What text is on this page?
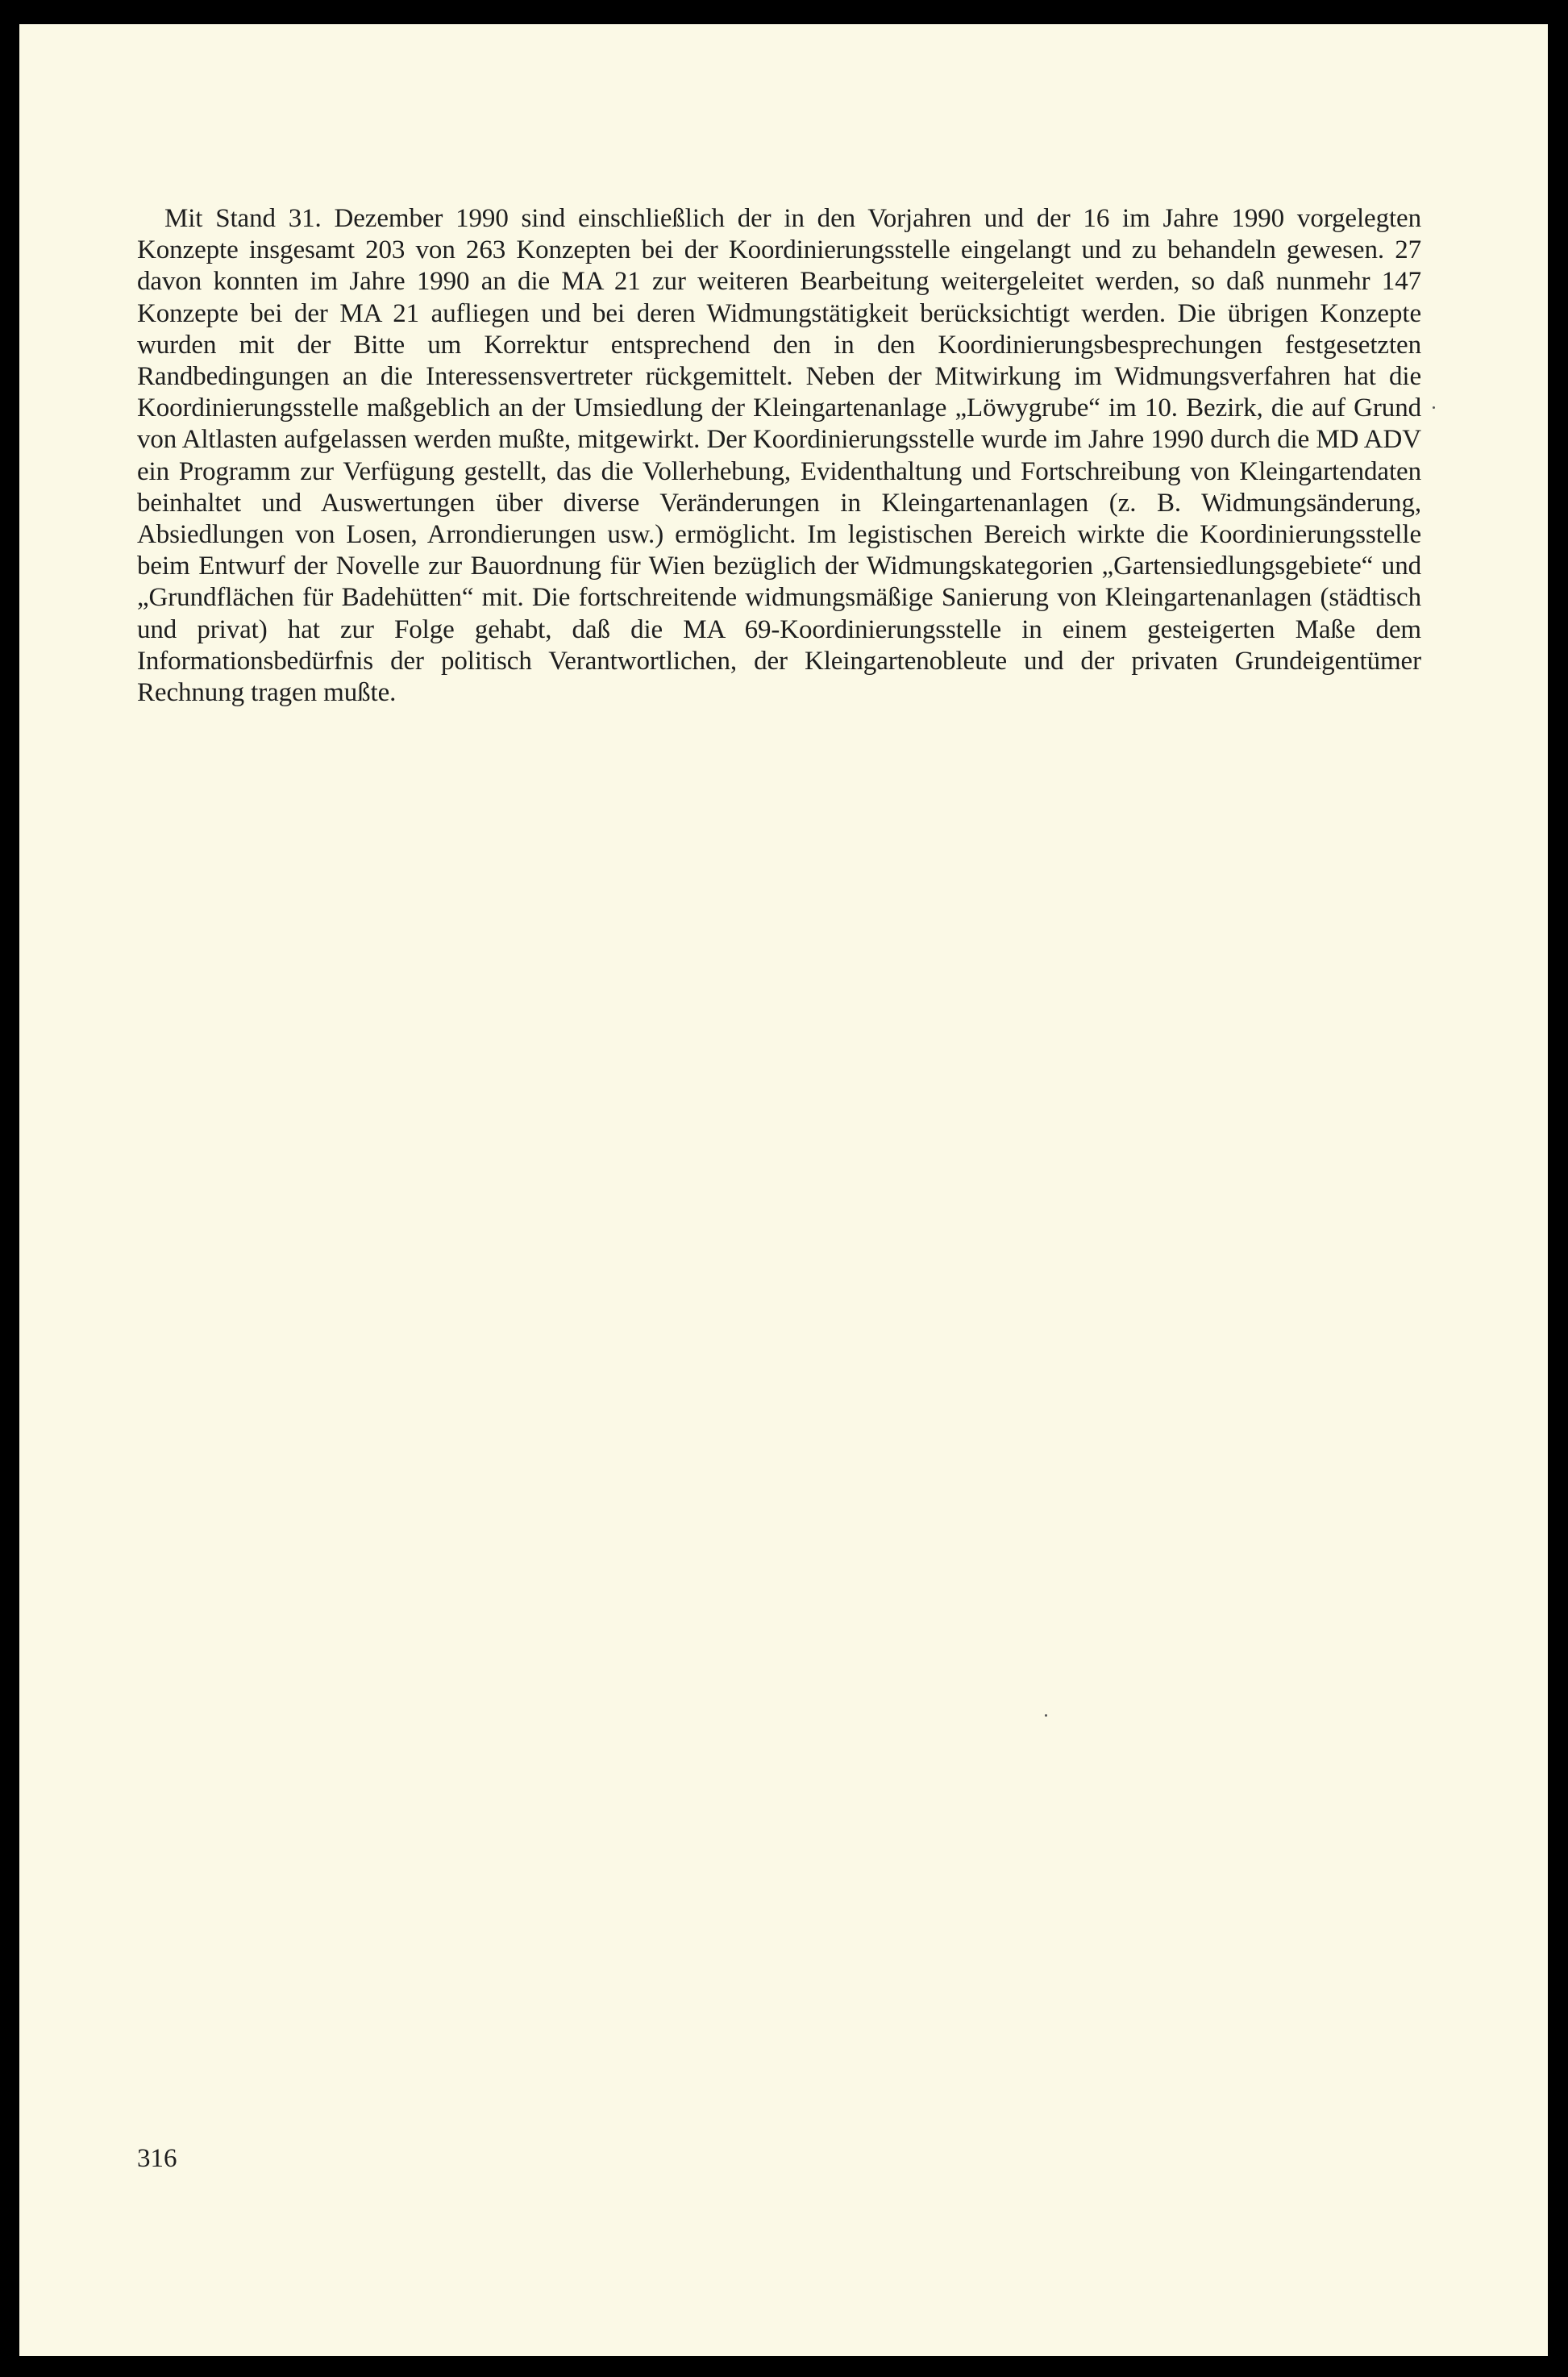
Mit Stand 31. Dezember 1990 sind einschließlich der in den Vorjahren und der 16 im Jahre 1990 vorgelegten Konzepte insgesamt 203 von 263 Konzepten bei der Koordinierungsstelle eingelangt und zu behandeln gewesen. 27 davon konnten im Jahre 1990 an die MA 21 zur weiteren Bearbeitung weitergeleitet werden, so daß nunmehr 147 Konzepte bei der MA 21 aufliegen und bei deren Widmungstätigkeit berücksichtigt werden. Die übrigen Konzepte wurden mit der Bitte um Korrektur entsprechend den in den Koordinierungsbesprechungen festgesetzten Randbedingungen an die Interessensvertreter rückgemittelt. Neben der Mitwirkung im Widmungsverfahren hat die Koordinierungsstelle maßgeblich an der Umsiedlung der Kleingartenanlage „Löwygrube“ im 10. Bezirk, die auf Grund von Altlasten aufgelassen werden mußte, mitgewirkt. Der Koordinierungsstelle wurde im Jahre 1990 durch die MD ADV ein Programm zur Verfügung gestellt, das die Vollerhebung, Evidenthaltung und Fortschreibung von Kleingartendaten beinhaltet und Auswertungen über diverse Veränderungen in Kleingartenanlagen (z. B. Widmungsänderung, Absiedlungen von Losen, Arrondierungen usw.) ermöglicht. Im legistischen Bereich wirkte die Koordinierungsstelle beim Entwurf der Novelle zur Bauordnung für Wien bezüglich der Widmungskategorien „Gartensiedlungsgebiete“ und „Grundflächen für Badehütten“ mit. Die fortschreitende widmungsmäßige Sanierung von Kleingartenanlagen (städtisch und privat) hat zur Folge gehabt, daß die MA 69-Koordinierungsstelle in einem gesteigerten Maße dem Informationsbedürfnis der politisch Verantwortlichen, der Kleingartenobleute und der privaten Grundeigentümer Rechnung tragen mußte.

316
